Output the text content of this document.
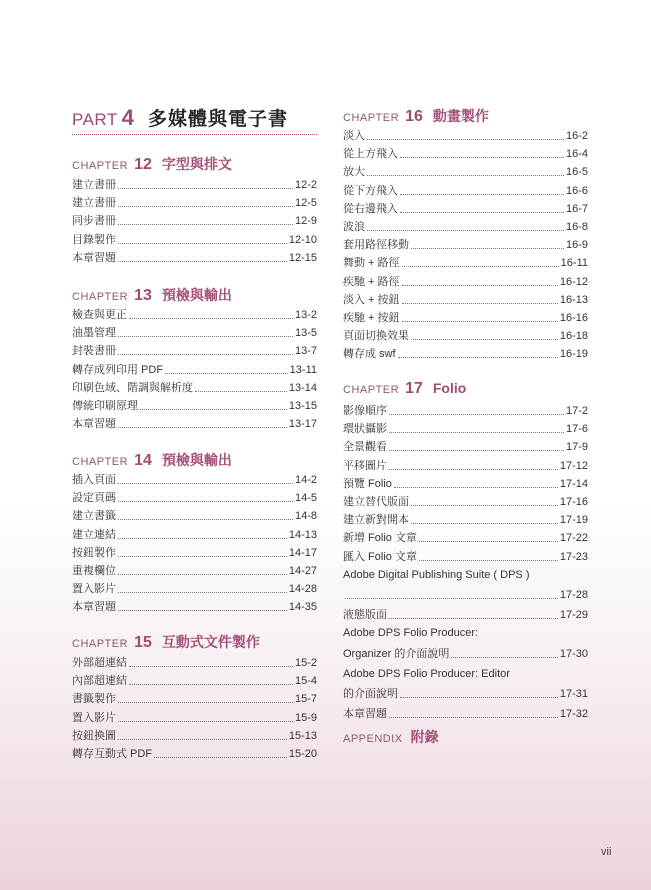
PART 4 多媒體與電子書
CHAPTER 12 字型與排文
建立書冊	12-2
建立書冊	12-5
同步書冊	12-9
目錄製作	12-10
本章習題	12-15
CHAPTER 13 預檢與輸出
檢查與更正	13-2
油墨管理	13-5
封裝書冊	13-7
轉存成列印用 PDF	13-11
印刷色域、階調與解析度	13-14
傳統印刷原理	13-15
本章習題	13-17
CHAPTER 14 預檢與輸出
插入頁面	14-2
設定頁碼	14-5
建立書籤	14-8
建立連結	14-13
按鈕製作	14-17
重複欄位	14-27
置入影片	14-28
本章習題	14-35
CHAPTER 15 互動式文件製作
外部超連結	15-2
內部超連結	15-4
書籤製作	15-7
置入影片	15-9
按鈕換圖	15-13
轉存互動式 PDF	15-20
CHAPTER 16 動畫製作
淡入	16-2
從上方飛入	16-4
放大	16-5
從下方飛入	16-6
從右邊飛入	16-7
波浪	16-8
套用路徑移動	16-9
舞動 + 路徑	16-11
疾馳 + 路徑	16-12
淡入 + 按鈕	16-13
疾馳 + 按鈕	16-16
頁面切換效果	16-18
轉存成 swf	16-19
CHAPTER 17 Folio
影像順序	17-2
環狀攝影	17-6
全景觀看	17-9
平移圖片	17-12
預覽 Folio	17-14
建立替代版面	17-16
建立新對開本	17-19
新增 Folio 文章	17-22
匯入 Folio 文章	17-23
Adobe Digital Publishing Suite ( DPS )
17-28
液態版面	17-29
Adobe DPS Folio Producer:
Organizer 的介面說明	17-30
Adobe DPS Folio Producer: Editor
的介面說明	17-31
本章習題	17-32
APPENDIX 附錄
vii
